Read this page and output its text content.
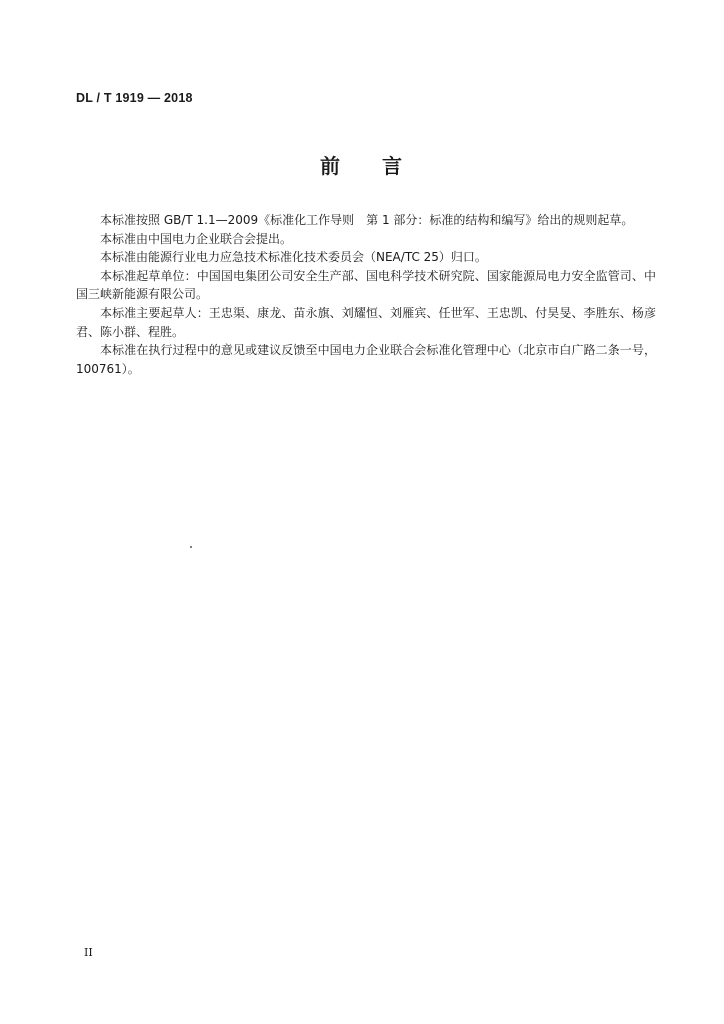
DL / T 1919 — 2018
前 言

本标准按照 GB/T 1.1—2009《标准化工作导则　第 1 部分：标准的结构和编写》给出的规则起草。

本标准由中国电力企业联合会提出。

本标准由能源行业电力应急技术标准化技术委员会（NEA/TC 25）归口。

本标准起草单位：中国国电集团公司安全生产部、国电科学技术研究院、国家能源局电力安全监管司、中国三峡新能源有限公司。

本标准主要起草人：王忠渠、康龙、苗永旗、刘耀恒、刘雁宾、任世军、王忠凯、付昊旻、李胜东、杨彦君、陈小群、程胜。

本标准在执行过程中的意见或建议反馈至中国电力企业联合会标准化管理中心（北京市白广路二条一号，100761）。

II
